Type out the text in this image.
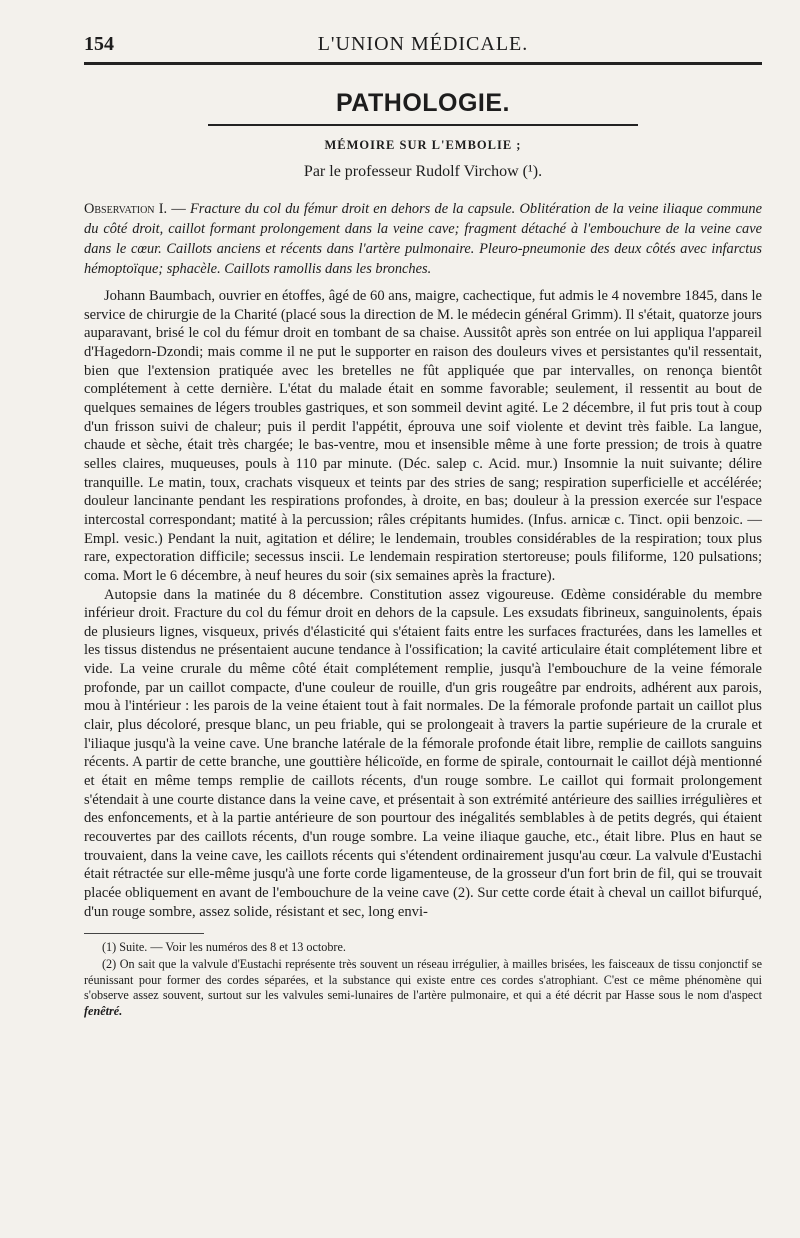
154	L'UNION MÉDICALE.
PATHOLOGIE.
MÉMOIRE SUR L'EMBOLIE ;
Par le professeur Rudolf Virchow (¹).
Observation I. — Fracture du col du fémur droit en dehors de la capsule. Oblitération de la veine iliaque commune du côté droit, caillot formant prolongement dans la veine cave; fragment détaché à l'embouchure de la veine cave dans le cœur. Caillots anciens et récents dans l'artère pulmonaire. Pleuro-pneumonie des deux côtés avec infarctus hémoptoïque; sphacèle. Caillots ramollis dans les bronches.

Johann Baumbach, ouvrier en étoffes, âgé de 60 ans, maigre, cachectique, fut admis le 4 novembre 1845, dans le service de chirurgie de la Charité (placé sous la direction de M. le médecin général Grimm). Il s'était, quatorze jours auparavant, brisé le col du fémur droit en tombant de sa chaise. Aussitôt après son entrée on lui appliqua l'appareil d'Hagedorn-Dzondi; mais comme il ne put le supporter en raison des douleurs vives et persistantes qu'il ressentait, bien que l'extension pratiquée avec les bretelles ne fût appliquée que par intervalles, on renonça bientôt complétement à cette dernière. L'état du malade était en somme favorable; seulement, il ressentit au bout de quelques semaines de légers troubles gastriques, et son sommeil devint agité. Le 2 décembre, il fut pris tout à coup d'un frisson suivi de chaleur; puis il perdit l'appétit, éprouva une soif violente et devint très faible. La langue, chaude et sèche, était très chargée; le bas-ventre, mou et insensible même à une forte pression; de trois à quatre selles claires, muqueuses, pouls à 110 par minute. (Déc. salep c. Acid. mur.) Insomnie la nuit suivante; délire tranquille. Le matin, toux, crachats visqueux et teints par des stries de sang; respiration superficielle et accélérée; douleur lancinante pendant les respirations profondes, à droite, en bas; douleur à la pression exercée sur l'espace intercostal correspondant; matité à la percussion; râles crépitants humides. (Infus. arnicæ c. Tinct. opii benzoic. — Empl. vesic.) Pendant la nuit, agitation et délire; le lendemain, troubles considérables de la respiration; toux plus rare, expectoration difficile; secessus inscii. Le lendemain respiration stertoreuse; pouls filiforme, 120 pulsations; coma. Mort le 6 décembre, à neuf heures du soir (six semaines après la fracture).

Autopsie dans la matinée du 8 décembre. Constitution assez vigoureuse. Œdème considérable du membre inférieur droit. Fracture du col du fémur droit en dehors de la capsule. Les exsudats fibrineux, sanguinolents, épais de plusieurs lignes, visqueux, privés d'élasticité qui s'étaient faits entre les surfaces fracturées, dans les lamelles et les tissus distendus ne présentaient aucune tendance à l'ossification; la cavité articulaire était complétement libre et vide. La veine crurale du même côté était complétement remplie, jusqu'à l'embouchure de la veine fémorale profonde, par un caillot compacte, d'une couleur de rouille, d'un gris rougeâtre par endroits, adhérent aux parois, mou à l'intérieur : les parois de la veine étaient tout à fait normales. De la fémorale profonde partait un caillot plus clair, plus décoloré, presque blanc, un peu friable, qui se prolongeait à travers la partie supérieure de la crurale et l'iliaque jusqu'à la veine cave. Une branche latérale de la fémorale profonde était libre, remplie de caillots sanguins récents. A partir de cette branche, une gouttière hélicoïde, en forme de spirale, contournait le caillot déjà mentionné et était en même temps remplie de caillots récents, d'un rouge sombre. Le caillot qui formait prolongement s'étendait à une courte distance dans la veine cave, et présentait à son extrémité antérieure des saillies irrégulières et des enfoncements, et à la partie antérieure de son pourtour des inégalités semblables à de petits degrés, qui étaient recouvertes par des caillots récents, d'un rouge sombre. La veine iliaque gauche, etc., était libre. Plus en haut se trouvaient, dans la veine cave, les caillots récents qui s'étendent ordinairement jusqu'au cœur. La valvule d'Eustachi était rétractée sur elle-même jusqu'à une forte corde ligamenteuse, de la grosseur d'un fort brin de fil, qui se trouvait placée obliquement en avant de l'embouchure de la veine cave (2). Sur cette corde était à cheval un caillot bifurqué, d'un rouge sombre, assez solide, résistant et sec, long envi-

(1) Suite. — Voir les numéros des 8 et 13 octobre.

(2) On sait que la valvule d'Eustachi représente très souvent un réseau irrégulier, à mailles brisées, les faisceaux de tissu conjonctif se réunissant pour former des cordes séparées, et la substance qui existe entre ces cordes s'atrophiant. C'est ce même phénomène qui s'observe assez souvent, surtout sur les valvules semi-lunaires de l'artère pulmonaire, et qui a été décrit par Hasse sous le nom d'aspect fenêtré.
